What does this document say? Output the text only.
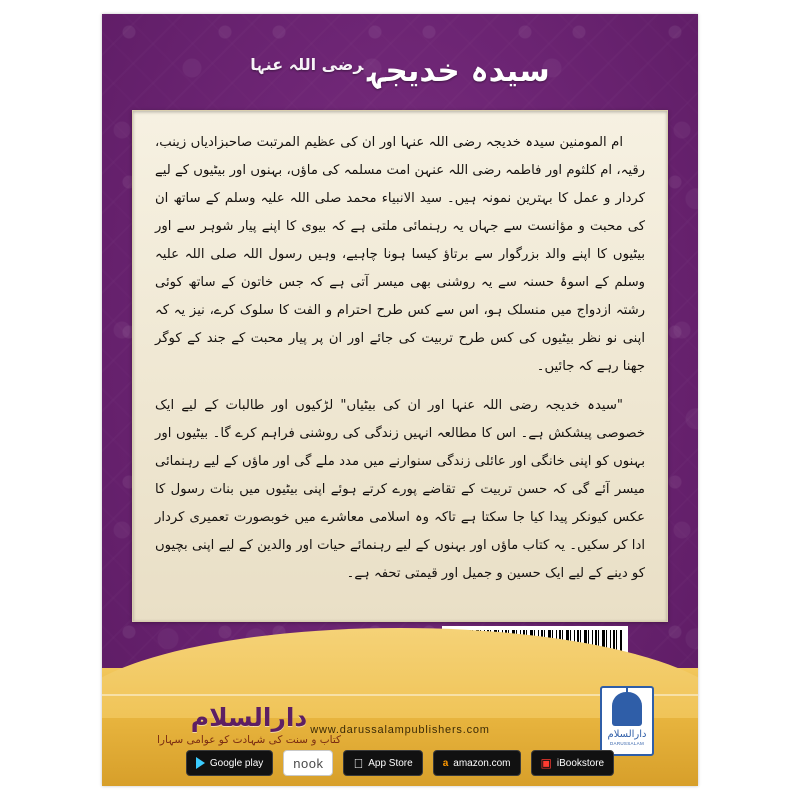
سیدہ خدیجہ$^{رضی اللہ عنہا}$

ام المومنین سیدہ خدیجہ رضی اللہ عنہا اور ان کی عظیم المرتبت صاحبزادیاں زینب، رقیہ، ام کلثوم اور فاطمہ رضی اللہ عنہن امت مسلمہ کی ماؤں، بہنوں اور بیٹیوں کے لیے کردار و عمل کا بہترین نمونہ ہیں۔ سید الانبیاء محمد صلی اللہ علیہ وسلم کے ساتھ ان کی محبت و مؤانست سے جہاں یہ رہنمائی ملتی ہے کہ بیوی کا اپنے پیار شوہر سے اور بیٹیوں کا اپنے والد بزرگوار سے برتاؤ کیسا ہونا چاہیے، وہیں رسول اللہ صلی اللہ علیہ وسلم کے اسوۂ حسنہ سے یہ روشنی بھی میسر آتی ہے کہ جس خاتون کے ساتھ کوئی رشتہ ازدواج میں منسلک ہو، اس سے کس طرح احترام و الفت کا سلوک کرے، نیز یہ کہ اپنی نو نظر بیٹیوں کی کس طرح تربیت کی جائے اور ان پر پیار محبت کے جند کے کوگر جھنا رہے کہ جائیں۔

"سیدہ خدیجہ رضی اللہ عنہا اور ان کی بیٹیاں" لڑکیوں اور طالبات کے لیے ایک خصوصی پیشکش ہے۔ اس کا مطالعہ انہیں زندگی کی روشنی فراہم کرے گا۔ بیٹیوں اور بہنوں کو اپنی خانگی اور عائلی زندگی سنوارنے میں مدد ملے گی اور ماؤں کے لیے رہنمائی میسر آئے گی کہ حسن تربیت کے تقاضے پورے کرتے ہوئے اپنی بیٹیوں میں بنات رسول کا عکس کیونکر پیدا کیا جا سکتا ہے تاکہ وہ اسلامی معاشرے میں خوبصورت تعمیری کردار ادا کر سکیں۔ یہ کتاب ماؤں اور بہنوں کے لیے رہنمائے حیات اور والدین کے لیے اپنی بچیوں کو دینے کے لیے ایک حسین و جمیل اور قیمتی تحفہ ہے۔

دارالسلام
کتاب و سنت کی شہادت کو عوامی سہارا
www.darussalampublishers.com	دارالسلام
DARUSSALAM
Google play	nook	App Store	a amazon.com	▣ iBookstore
